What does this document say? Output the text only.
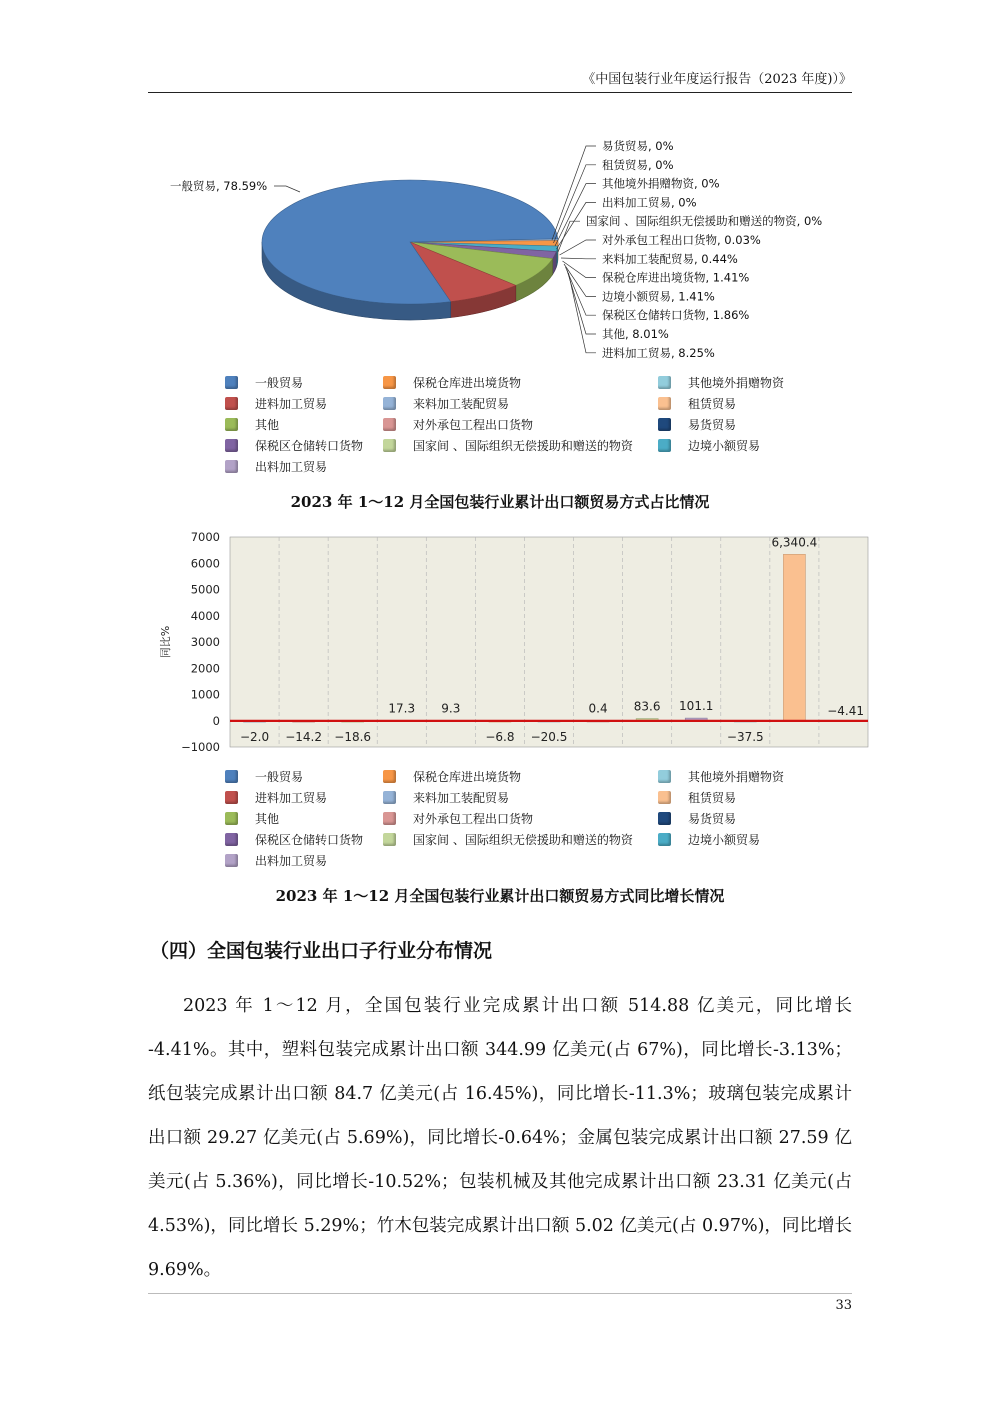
《中国包装行业年度运行报告（2023 年度)）》
易货贸易, 0%
租赁贸易, 0%
其他境外捐赠物资, 0%
出料加工贸易, 0%
国家间 、国际组织无偿援助和赠送的物资, 0%
对外承包工程出口货物, 0.03%
来料加工装配贸易, 0.44%
保税仓库进出境货物, 1.41%
边境小额贸易, 1.41%
保税区仓储转口货物, 1.86%
其他, 8.01%
进料加工贸易, 8.25%
一般贸易, 78.59%
一般贸易	保税仓库进出境货物	其他境外捐赠物资
进料加工贸易	来料加工装配贸易	租赁贸易
其他	对外承包工程出口货物	易货贸易
保税区仓储转口货物	国家间 、国际组织无偿援助和赠送的物资	边境小额贸易
出料加工贸易
2023 年 1～12 月全国包装行业累计出口额贸易方式占比情况
7000
6000
5000
4000
3000
2000
1000
0
−1000
同比%
−2.0 −14.2 −18.6
17.3 9.3
−6.8 −20.5
0.4 83.6 101.1
−37.5
6,340.4
−4.41
一般贸易	保税仓库进出境货物	其他境外捐赠物资
进料加工贸易	来料加工装配贸易	租赁贸易
其他	对外承包工程出口货物	易货贸易
保税区仓储转口货物	国家间 、国际组织无偿援助和赠送的物资	边境小额贸易
出料加工贸易
2023 年 1～12 月全国包装行业累计出口额贸易方式同比增长情况
（四）全国包装行业出口子行业分布情况
2023 年 1～12 月，全国包装行业完成累计出口额 514.88 亿美元，同比增长 -4.41%。其中，塑料包装完成累计出口额 344.99 亿美元(占 67%)，同比增长-3.13%；纸包装完成累计出口额 84.7 亿美元(占 16.45%)，同比增长-11.3%；玻璃包装完成累计出口额 29.27 亿美元(占 5.69%)，同比增长-0.64%；金属包装完成累计出口额 27.59 亿美元(占 5.36%)，同比增长-10.52%；包装机械及其他完成累计出口额 23.31 亿美元(占 4.53%)，同比增长 5.29%；竹木包装完成累计出口额 5.02 亿美元(占 0.97%)，同比增长 9.69%。
33
